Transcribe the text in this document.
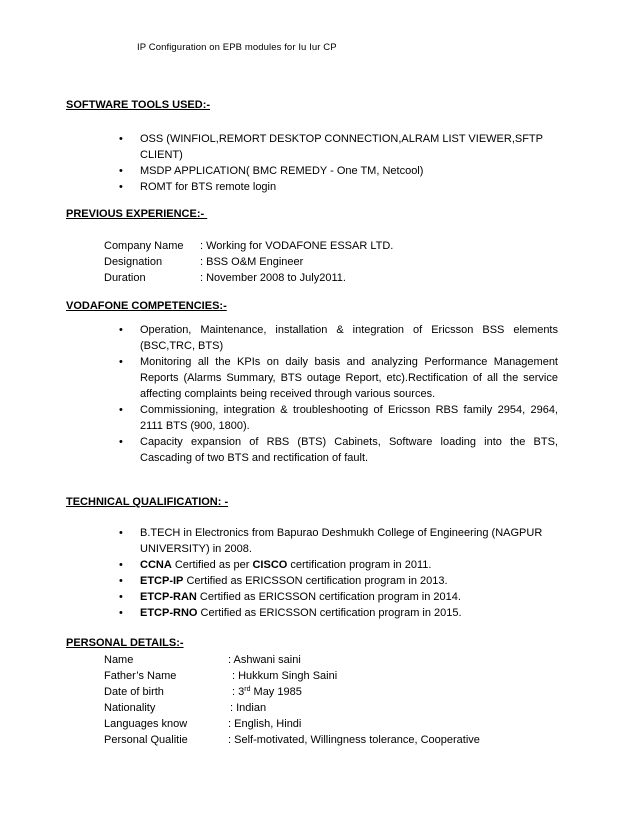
IP Configuration on EPB modules for Iu Iur CP
SOFTWARE TOOLS USED:-
• OSS (WINFIOL,REMORT DESKTOP CONNECTION,ALRAM LIST VIEWER,SFTP CLIENT)
• MSDP APPLICATION( BMC REMEDY - One TM, Netcool)
• ROMT for BTS remote login
PREVIOUS EXPERIENCE:-
Company Name : Working for VODAFONE ESSAR LTD.
Designation	: BSS O&M Engineer
Duration	: November 2008 to July2011.
VODAFONE COMPETENCIES:-
• Operation, Maintenance, installation & integration of Ericsson BSS elements (BSC,TRC, BTS)
• Monitoring all the KPIs on daily basis and analyzing Performance Management Reports (Alarms Summary, BTS outage Report, etc).Rectification of all the service affecting complaints being received through various sources.
• Commissioning, integration & troubleshooting of Ericsson RBS family 2954, 2964, 2111 BTS (900, 1800).
• Capacity expansion of RBS (BTS) Cabinets, Software loading into the BTS, Cascading of two BTS and rectification of fault.
TECHNICAL QUALIFICATION: -
• B.TECH in Electronics from Bapurao Deshmukh College of Engineering (NAGPUR UNIVERSITY) in 2008.
• CCNA Certified as per CISCO certification program in 2011.
• ETCP-IP Certified as ERICSSON certification program in 2013.
• ETCP-RAN Certified as ERICSSON certification program in 2014.
• ETCP-RNO Certified as ERICSSON certification program in 2015.
PERSONAL DETAILS:-
Name	: Ashwani saini
Father’s Name	: Hukkum Singh Saini
Date of birth	: 3rd May 1985
Nationality	: Indian
Languages know	: English, Hindi
Personal Qualitie	: Self-motivated, Willingness tolerance, Cooperative
